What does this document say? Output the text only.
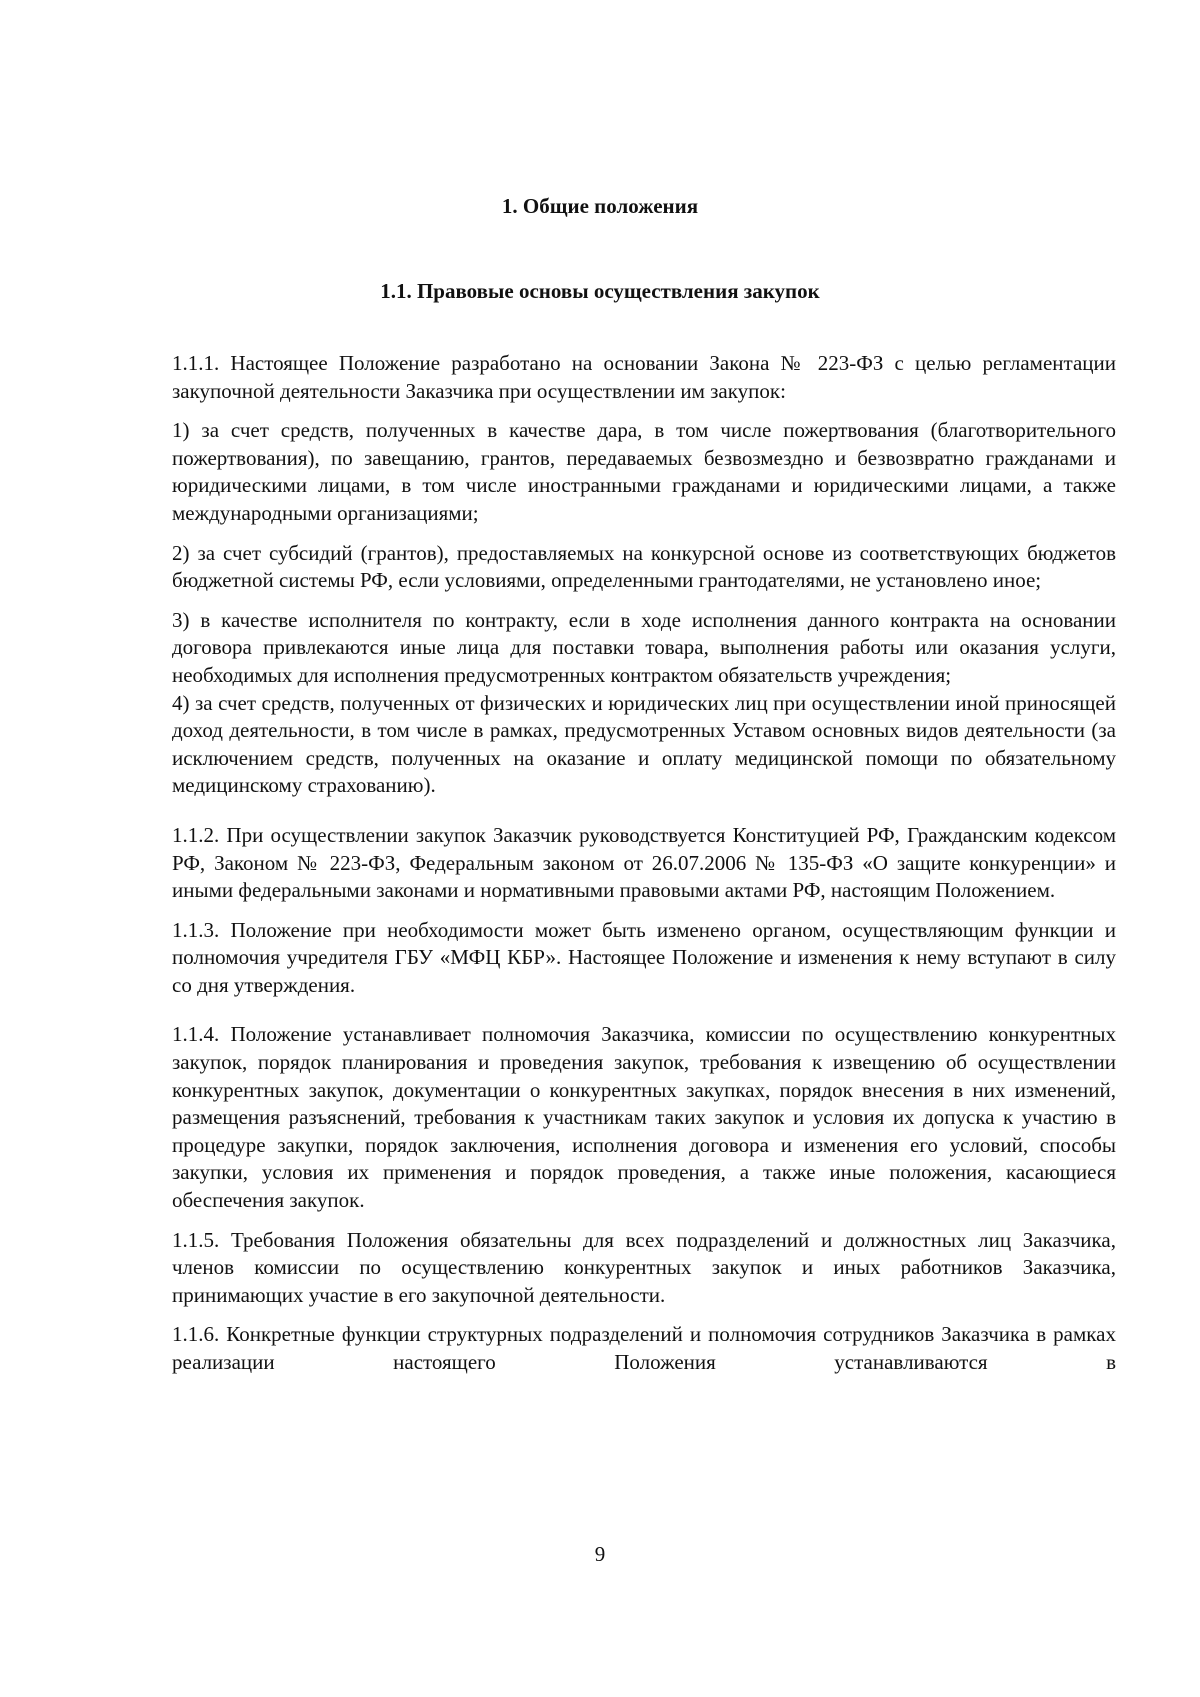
1. Общие положения
1.1. Правовые основы осуществления закупок

1.1.1. Настоящее Положение разработано на основании Закона № 223-ФЗ с целью регламентации закупочной деятельности Заказчика при осуществлении им закупок:

1) за счет средств, полученных в качестве дара, в том числе пожертвования (благотворительного пожертвования), по завещанию, грантов, передаваемых безвозмездно и безвозвратно гражданами и юридическими лицами, в том числе иностранными гражданами и юридическими лицами, а также международными организациями;

2) за счет субсидий (грантов), предоставляемых на конкурсной основе из соответствующих бюджетов бюджетной системы РФ, если условиями, определенными грантодателями, не установлено иное;

3) в качестве исполнителя по контракту, если в ходе исполнения данного контракта на основании договора привлекаются иные лица для поставки товара, выполнения работы или оказания услуги, необходимых для исполнения предусмотренных контрактом обязательств учреждения;

4) за счет средств, полученных от физических и юридических лиц при осуществлении иной приносящей доход деятельности, в том числе в рамках, предусмотренных Уставом основных видов деятельности (за исключением средств, полученных на оказание и оплату медицинской помощи по обязательному медицинскому страхованию).

1.1.2. При осуществлении закупок Заказчик руководствуется Конституцией РФ, Гражданским кодексом РФ, Законом № 223-ФЗ, Федеральным законом от 26.07.2006 № 135-ФЗ «О защите конкуренции» и иными федеральными законами и нормативными правовыми актами РФ, настоящим Положением.

1.1.3. Положение при необходимости может быть изменено органом, осуществляющим функции и полномочия учредителя ГБУ «МФЦ КБР». Настоящее Положение и изменения к нему вступают в силу со дня утверждения.

1.1.4. Положение устанавливает полномочия Заказчика, комиссии по осуществлению конкурентных закупок, порядок планирования и проведения закупок, требования к извещению об осуществлении конкурентных закупок, документации о конкурентных закупках, порядок внесения в них изменений, размещения разъяснений, требования к участникам таких закупок и условия их допуска к участию в процедуре закупки, порядок заключения, исполнения договора и изменения его условий, способы закупки, условия их применения и порядок проведения, а также иные положения, касающиеся обеспечения закупок.

1.1.5. Требования Положения обязательны для всех подразделений и должностных лиц Заказчика, членов комиссии по осуществлению конкурентных закупок и иных работников Заказчика, принимающих участие в его закупочной деятельности.

1.1.6. Конкретные функции структурных подразделений и полномочия сотрудников Заказчика в рамках реализации настоящего Положения устанавливаются в

9
